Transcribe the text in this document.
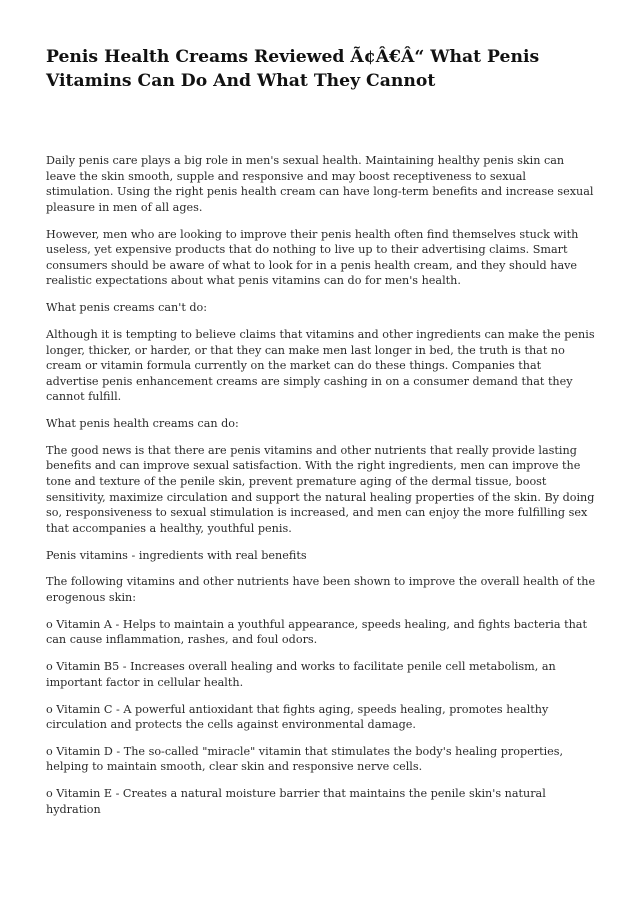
Penis Health Creams Reviewed Ã¢Â€Â“ What Penis Vitamins Can Do And What They Cannot

Daily penis care plays a big role in men's sexual health. Maintaining healthy penis skin can leave the skin smooth, supple and responsive and may boost receptiveness to sexual stimulation. Using the right penis health cream can have long-term benefits and increase sexual pleasure in men of all ages.

However, men who are looking to improve their penis health often find themselves stuck with useless, yet expensive products that do nothing to live up to their advertising claims. Smart consumers should be aware of what to look for in a penis health cream, and they should have realistic expectations about what penis vitamins can do for men's health.

What penis creams can't do:

Although it is tempting to believe claims that vitamins and other ingredients can make the penis longer, thicker, or harder, or that they can make men last longer in bed, the truth is that no cream or vitamin formula currently on the market can do these things. Companies that advertise penis enhancement creams are simply cashing in on a consumer demand that they cannot fulfill.

What penis health creams can do:

The good news is that there are penis vitamins and other nutrients that really provide lasting benefits and can improve sexual satisfaction. With the right ingredients, men can improve the tone and texture of the penile skin, prevent premature aging of the dermal tissue, boost sensitivity, maximize circulation and support the natural healing properties of the skin. By doing so, responsiveness to sexual stimulation is increased, and men can enjoy the more fulfilling sex that accompanies a healthy, youthful penis.

Penis vitamins - ingredients with real benefits

The following vitamins and other nutrients have been shown to improve the overall health of the erogenous skin:

o Vitamin A - Helps to maintain a youthful appearance, speeds healing, and fights bacteria that can cause inflammation, rashes, and foul odors.

o Vitamin B5 - Increases overall healing and works to facilitate penile cell metabolism, an important factor in cellular health.

o Vitamin C - A powerful antioxidant that fights aging, speeds healing, promotes healthy circulation and protects the cells against environmental damage.

o Vitamin D - The so-called "miracle" vitamin that stimulates the body's healing properties, helping to maintain smooth, clear skin and responsive nerve cells.

o Vitamin E - Creates a natural moisture barrier that maintains the penile skin's natural hydration
